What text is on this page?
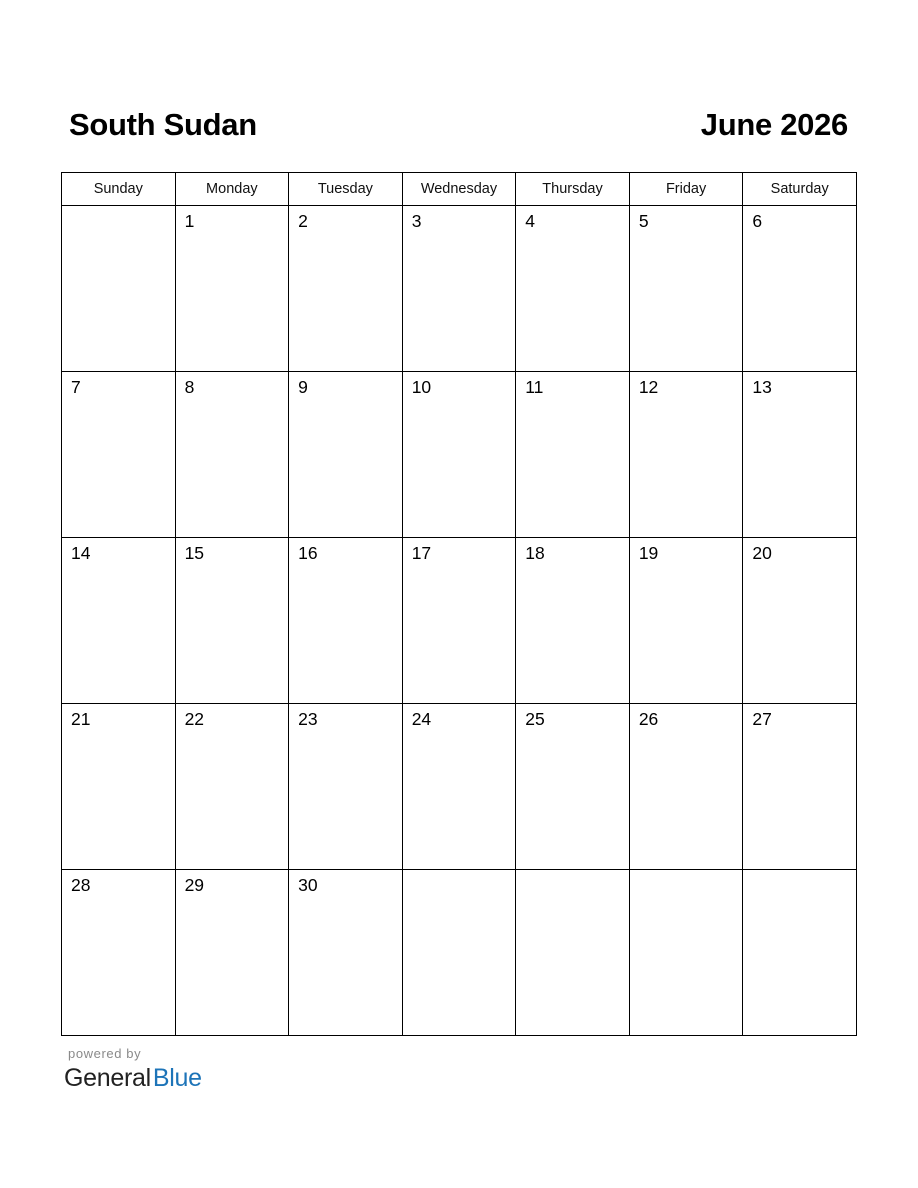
South Sudan	June 2026
Sunday	Monday	Tuesday	Wednesday	Thursday	Friday	Saturday

	1	2	3	4	5	6

7	8	9	10	11	12	13

14	15	16	17	18	19	20

21	22	23	24	25	26	27

28	29	30				

powered by
GeneralBlue
